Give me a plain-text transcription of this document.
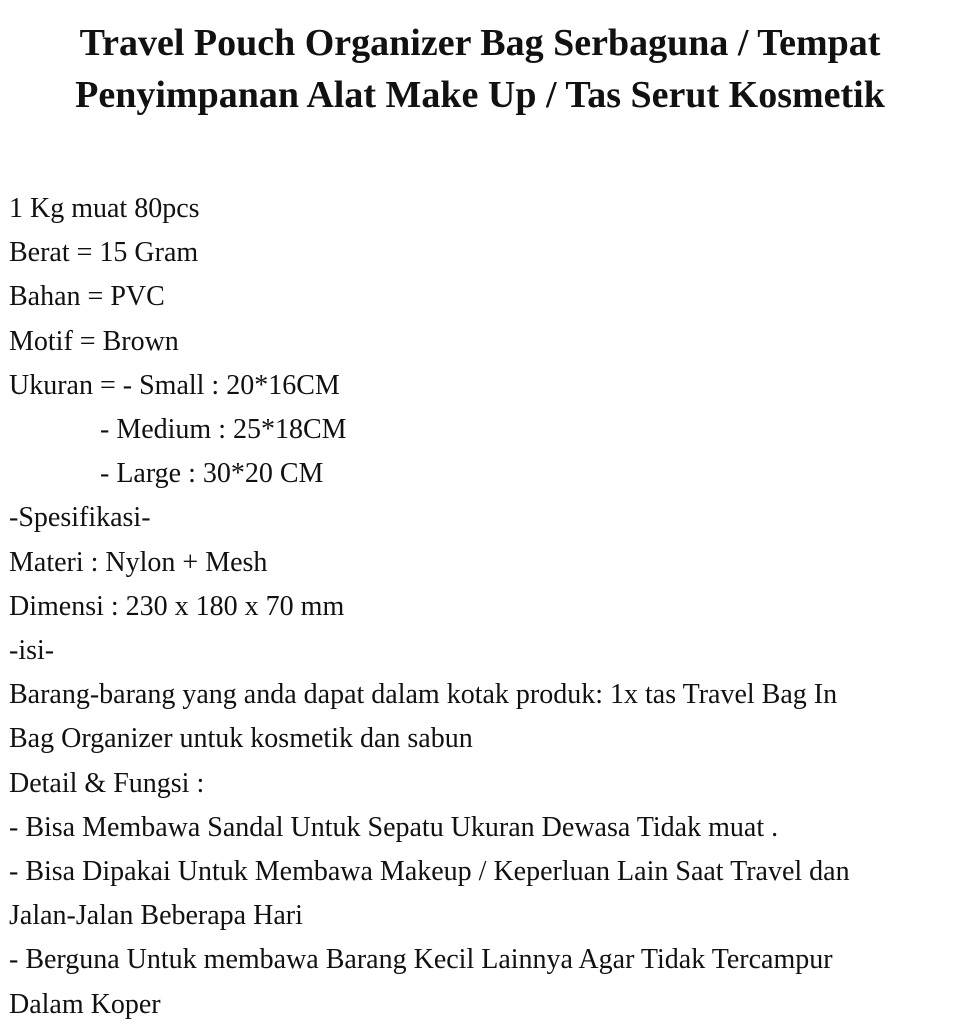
Travel Pouch Organizer Bag Serbaguna / Tempat
Penyimpanan Alat Make Up / Tas Serut Kosmetik
1 Kg muat 80pcs
Berat = 15 Gram
Bahan = PVC
Motif = Brown
Ukuran = - Small : 20*16CM
- Medium : 25*18CM
- Large : 30*20 CM
-Spesifikasi-
Materi : Nylon + Mesh
Dimensi : 230 x 180 x 70 mm
-isi-
Barang-barang yang anda dapat dalam kotak produk: 1x tas Travel Bag In
Bag Organizer untuk kosmetik dan sabun
Detail & Fungsi :
- Bisa Membawa Sandal Untuk Sepatu Ukuran Dewasa Tidak muat .
- Bisa Dipakai Untuk Membawa Makeup / Keperluan Lain Saat Travel dan
Jalan-Jalan Beberapa Hari
- Berguna Untuk membawa Barang Kecil Lainnya Agar Tidak Tercampur
Dalam Koper
